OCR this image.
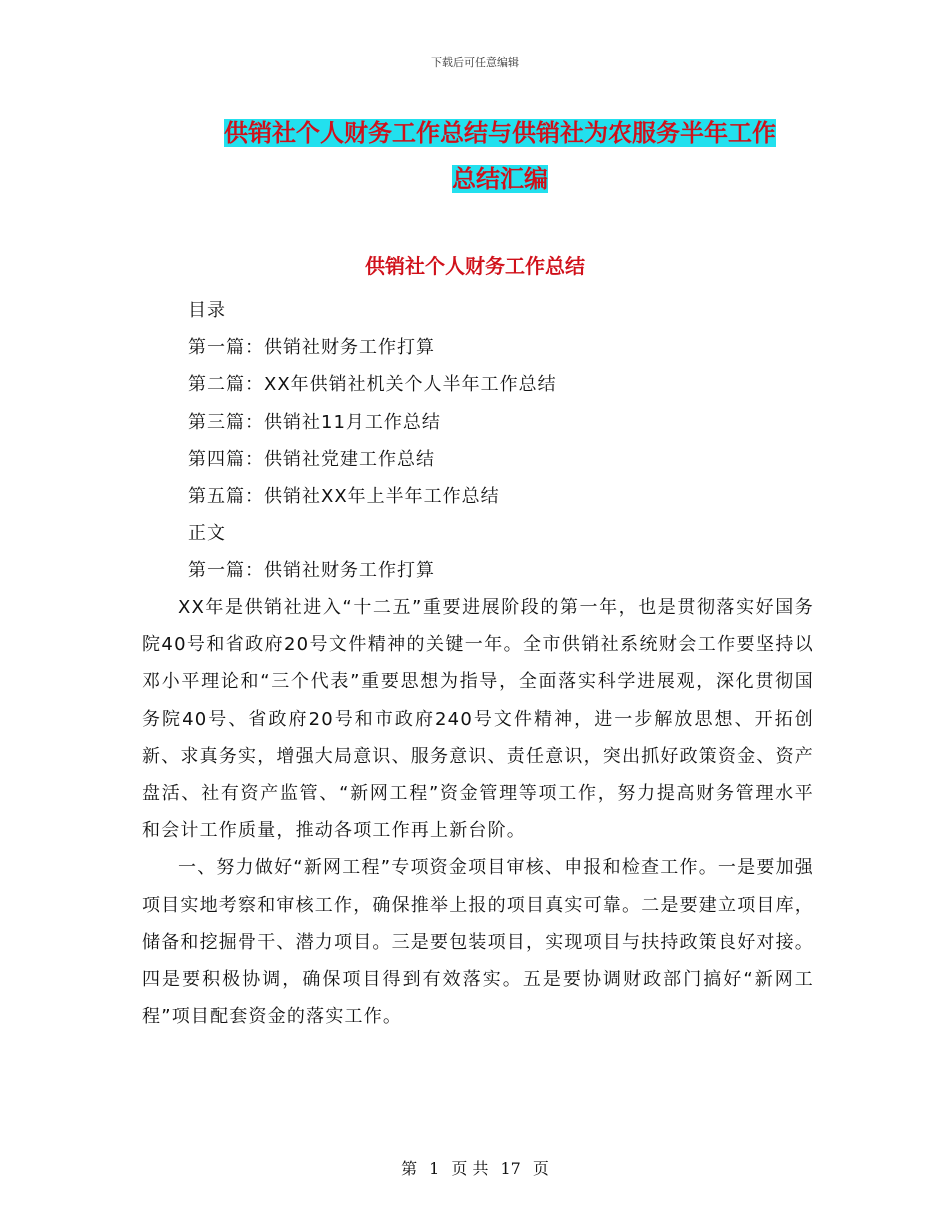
下载后可任意编辑
供销社个人财务工作总结与供销社为农服务半年工作
总结汇编
供销社个人财务工作总结
目录
第一篇：供销社财务工作打算
第二篇：XX年供销社机关个人半年工作总结
第三篇：供销社11月工作总结
第四篇：供销社党建工作总结
第五篇：供销社XX年上半年工作总结
正文
第一篇：供销社财务工作打算

XX年是供销社进入“十二五”重要进展阶段的第一年，也是贯彻落实好国务院40号和省政府20号文件精神的关键一年。全市供销社系统财会工作要坚持以邓小平理论和“三个代表”重要思想为指导，全面落实科学进展观，深化贯彻国务院40号、省政府20号和市政府240号文件精神，进一步解放思想、开拓创新、求真务实，增强大局意识、服务意识、责任意识，突出抓好政策资金、资产盘活、社有资产监管、“新网工程”资金管理等项工作，努力提高财务管理水平和会计工作质量，推动各项工作再上新台阶。

一、努力做好“新网工程”专项资金项目审核、申报和检查工作。一是要加强项目实地考察和审核工作，确保推举上报的项目真实可靠。二是要建立项目库，储备和挖掘骨干、潜力项目。三是要包装项目，实现项目与扶持政策良好对接。四是要积极协调，确保项目得到有效落实。五是要协调财政部门搞好“新网工程”项目配套资金的落实工作。

第 1 页 共 17 页
